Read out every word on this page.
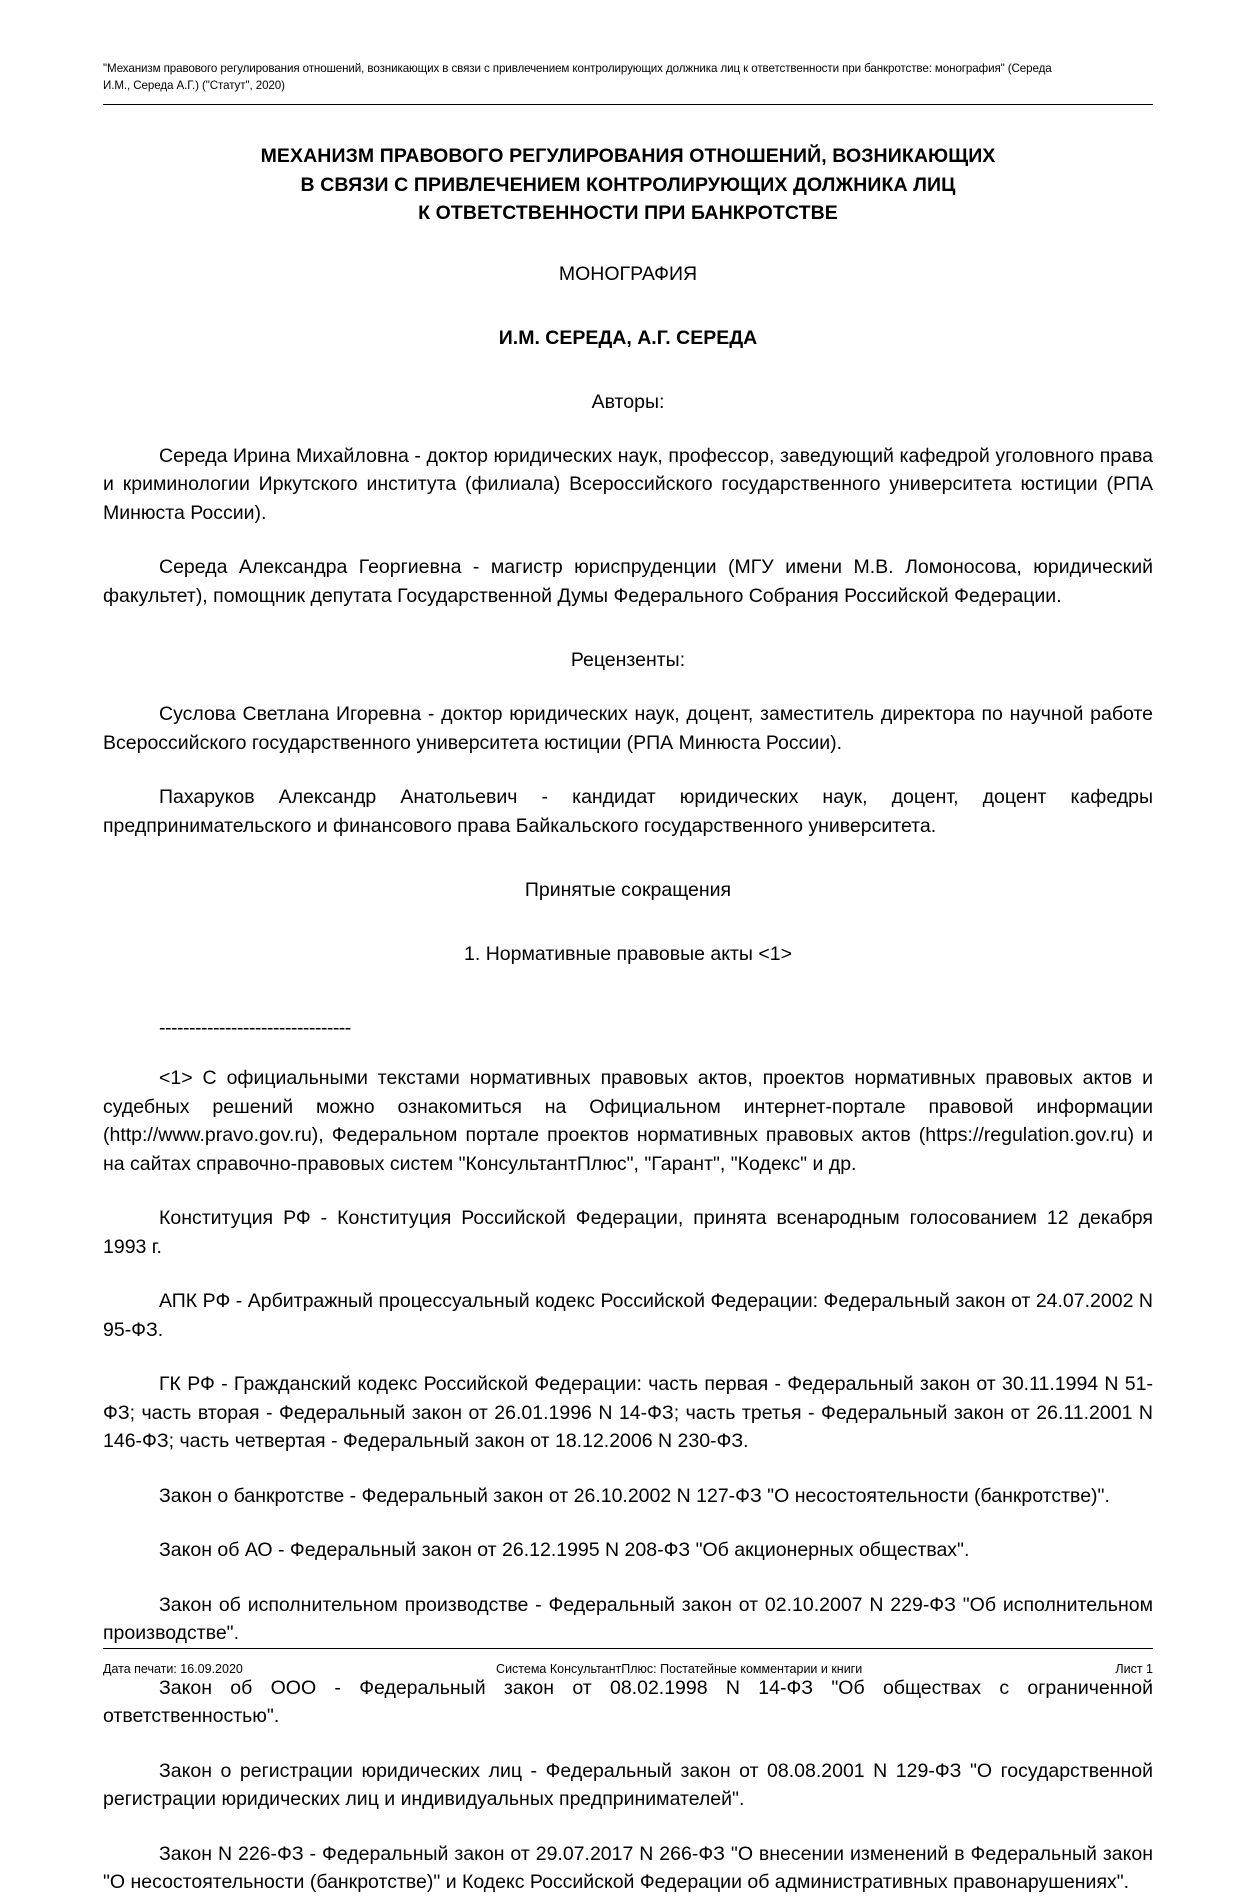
"Механизм правового регулирования отношений, возникающих в связи с привлечением контролирующих должника лиц к ответственности при банкротстве: монография" (Середа
И.М., Середа А.Г.) ("Статут", 2020)
МЕХАНИЗМ ПРАВОВОГО РЕГУЛИРОВАНИЯ ОТНОШЕНИЙ, ВОЗНИКАЮЩИХ
В СВЯЗИ С ПРИВЛЕЧЕНИЕМ КОНТРОЛИРУЮЩИХ ДОЛЖНИКА ЛИЦ
К ОТВЕТСТВЕННОСТИ ПРИ БАНКРОТСТВЕ
МОНОГРАФИЯ
И.М. СЕРЕДА, А.Г. СЕРЕДА
Авторы:

Середа Ирина Михайловна - доктор юридических наук, профессор, заведующий кафедрой уголовного права и криминологии Иркутского института (филиала) Всероссийского государственного университета юстиции (РПА Минюста России).

Середа Александра Георгиевна - магистр юриспруденции (МГУ имени М.В. Ломоносова, юридический факультет), помощник депутата Государственной Думы Федерального Собрания Российской Федерации.

Рецензенты:

Суслова Светлана Игоревна - доктор юридических наук, доцент, заместитель директора по научной работе Всероссийского государственного университета юстиции (РПА Минюста России).

Пахаруков Александр Анатольевич - кандидат юридических наук, доцент, доцент кафедры предпринимательского и финансового права Байкальского государственного университета.

Принятые сокращения
1. Нормативные правовые акты <1>
--------------------------------

<1> С официальными текстами нормативных правовых актов, проектов нормативных правовых актов и судебных решений можно ознакомиться на Официальном интернет-портале правовой информации (http://www.pravo.gov.ru), Федеральном портале проектов нормативных правовых актов (https://regulation.gov.ru) и на сайтах справочно-правовых систем "КонсультантПлюс", "Гарант", "Кодекс" и др.

Конституция РФ - Конституция Российской Федерации, принята всенародным голосованием 12 декабря 1993 г.

АПК РФ - Арбитражный процессуальный кодекс Российской Федерации: Федеральный закон от 24.07.2002 N 95-ФЗ.

ГК РФ - Гражданский кодекс Российской Федерации: часть первая - Федеральный закон от 30.11.1994 N 51-ФЗ; часть вторая - Федеральный закон от 26.01.1996 N 14-ФЗ; часть третья - Федеральный закон от 26.11.2001 N 146-ФЗ; часть четвертая - Федеральный закон от 18.12.2006 N 230-ФЗ.

Закон о банкротстве - Федеральный закон от 26.10.2002 N 127-ФЗ "О несостоятельности (банкротстве)".

Закон об АО - Федеральный закон от 26.12.1995 N 208-ФЗ "Об акционерных обществах".

Закон об исполнительном производстве - Федеральный закон от 02.10.2007 N 229-ФЗ "Об исполнительном производстве".

Закон об ООО - Федеральный закон от 08.02.1998 N 14-ФЗ "Об обществах с ограниченной ответственностью".

Закон о регистрации юридических лиц - Федеральный закон от 08.08.2001 N 129-ФЗ "О государственной регистрации юридических лиц и индивидуальных предпринимателей".

Закон N 226-ФЗ - Федеральный закон от 29.07.2017 N 266-ФЗ "О внесении изменений в Федеральный закон "О несостоятельности (банкротстве)" и Кодекс Российской Федерации об административных правонарушениях".

Дата печати: 16.09.2020	Система КонсультантПлюс: Постатейные комментарии и книги	Лист 1
